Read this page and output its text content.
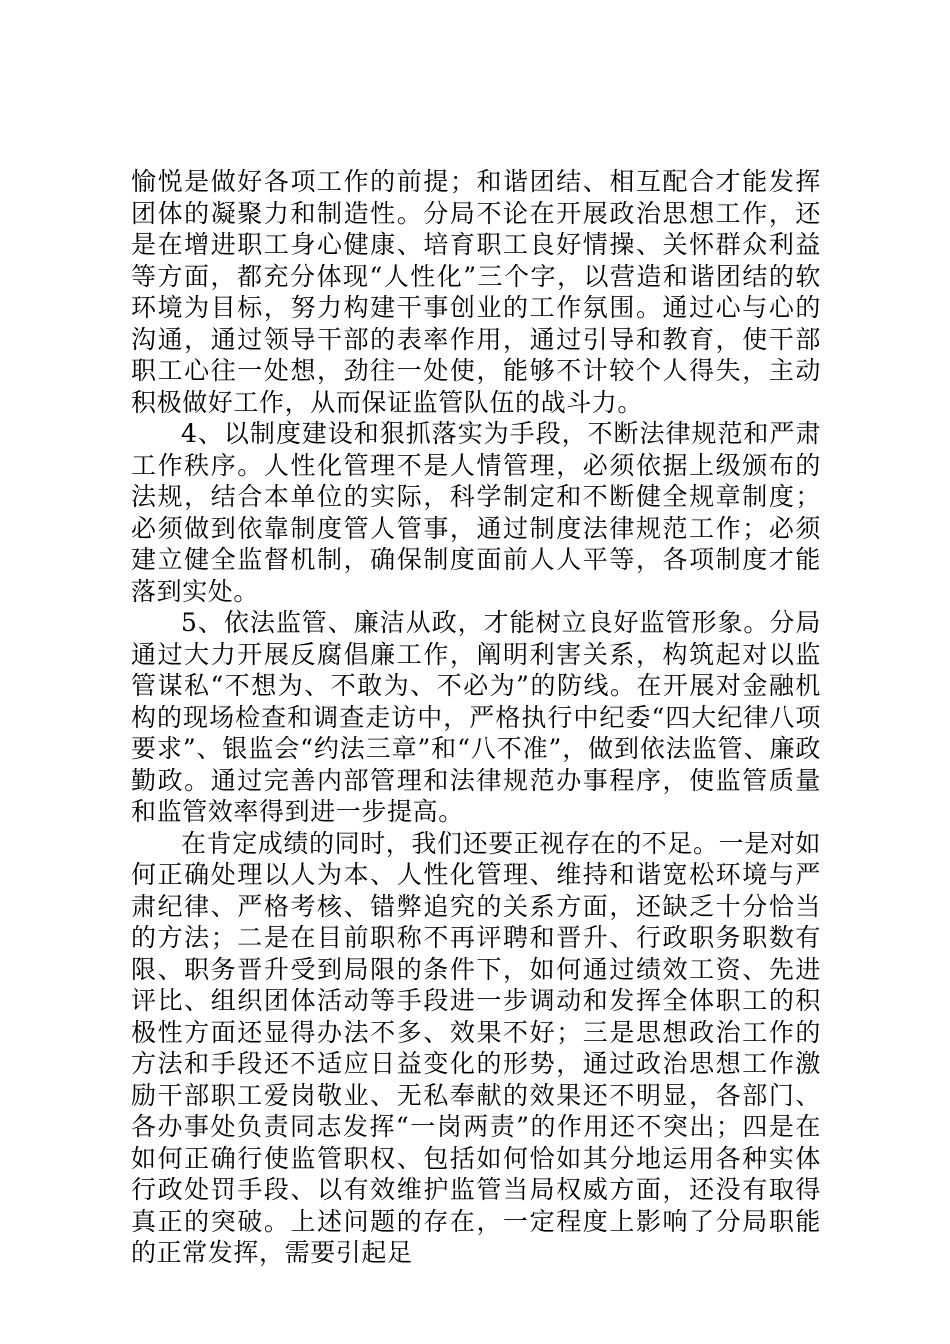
愉悦是做好各项工作的前提；和谐团结、相互配合才能发挥团体的凝聚力和制造性。分局不论在开展政治思想工作，还是在增进职工身心健康、培育职工良好情操、关怀群众利益等方面，都充分体现“人性化”三个字，以营造和谐团结的软环境为目标，努力构建干事创业的工作氛围。通过心与心的沟通，通过领导干部的表率作用，通过引导和教育，使干部职工心往一处想，劲往一处使，能够不计较个人得失，主动积极做好工作，从而保证监管队伍的战斗力。

4、以制度建设和狠抓落实为手段，不断法律规范和严肃工作秩序。人性化管理不是人情管理，必须依据上级颁布的法规，结合本单位的实际，科学制定和不断健全规章制度；必须做到依靠制度管人管事，通过制度法律规范工作；必须建立健全监督机制，确保制度面前人人平等，各项制度才能落到实处。

5、依法监管、廉洁从政，才能树立良好监管形象。分局通过大力开展反腐倡廉工作，阐明利害关系，构筑起对以监管谋私“不想为、不敢为、不必为”的防线。在开展对金融机构的现场检查和调查走访中，严格执行中纪委“四大纪律八项要求”、银监会“约法三章”和“八不准”，做到依法监管、廉政勤政。通过完善内部管理和法律规范办事程序，使监管质量和监管效率得到进一步提高。

在肯定成绩的同时，我们还要正视存在的不足。一是对如何正确处理以人为本、人性化管理、维持和谐宽松环境与严肃纪律、严格考核、错弊追究的关系方面，还缺乏十分恰当的方法；二是在目前职称不再评聘和晋升、行政职务职数有限、职务晋升受到局限的条件下，如何通过绩效工资、先进评比、组织团体活动等手段进一步调动和发挥全体职工的积极性方面还显得办法不多、效果不好；三是思想政治工作的方法和手段还不适应日益变化的形势，通过政治思想工作激励干部职工爱岗敬业、无私奉献的效果还不明显，各部门、各办事处负责同志发挥“一岗两责”的作用还不突出；四是在如何正确行使监管职权、包括如何恰如其分地运用各种实体行政处罚手段、以有效维护监管当局权威方面，还没有取得真正的突破。上述问题的存在，一定程度上影响了分局职能的正常发挥，需要引起足
